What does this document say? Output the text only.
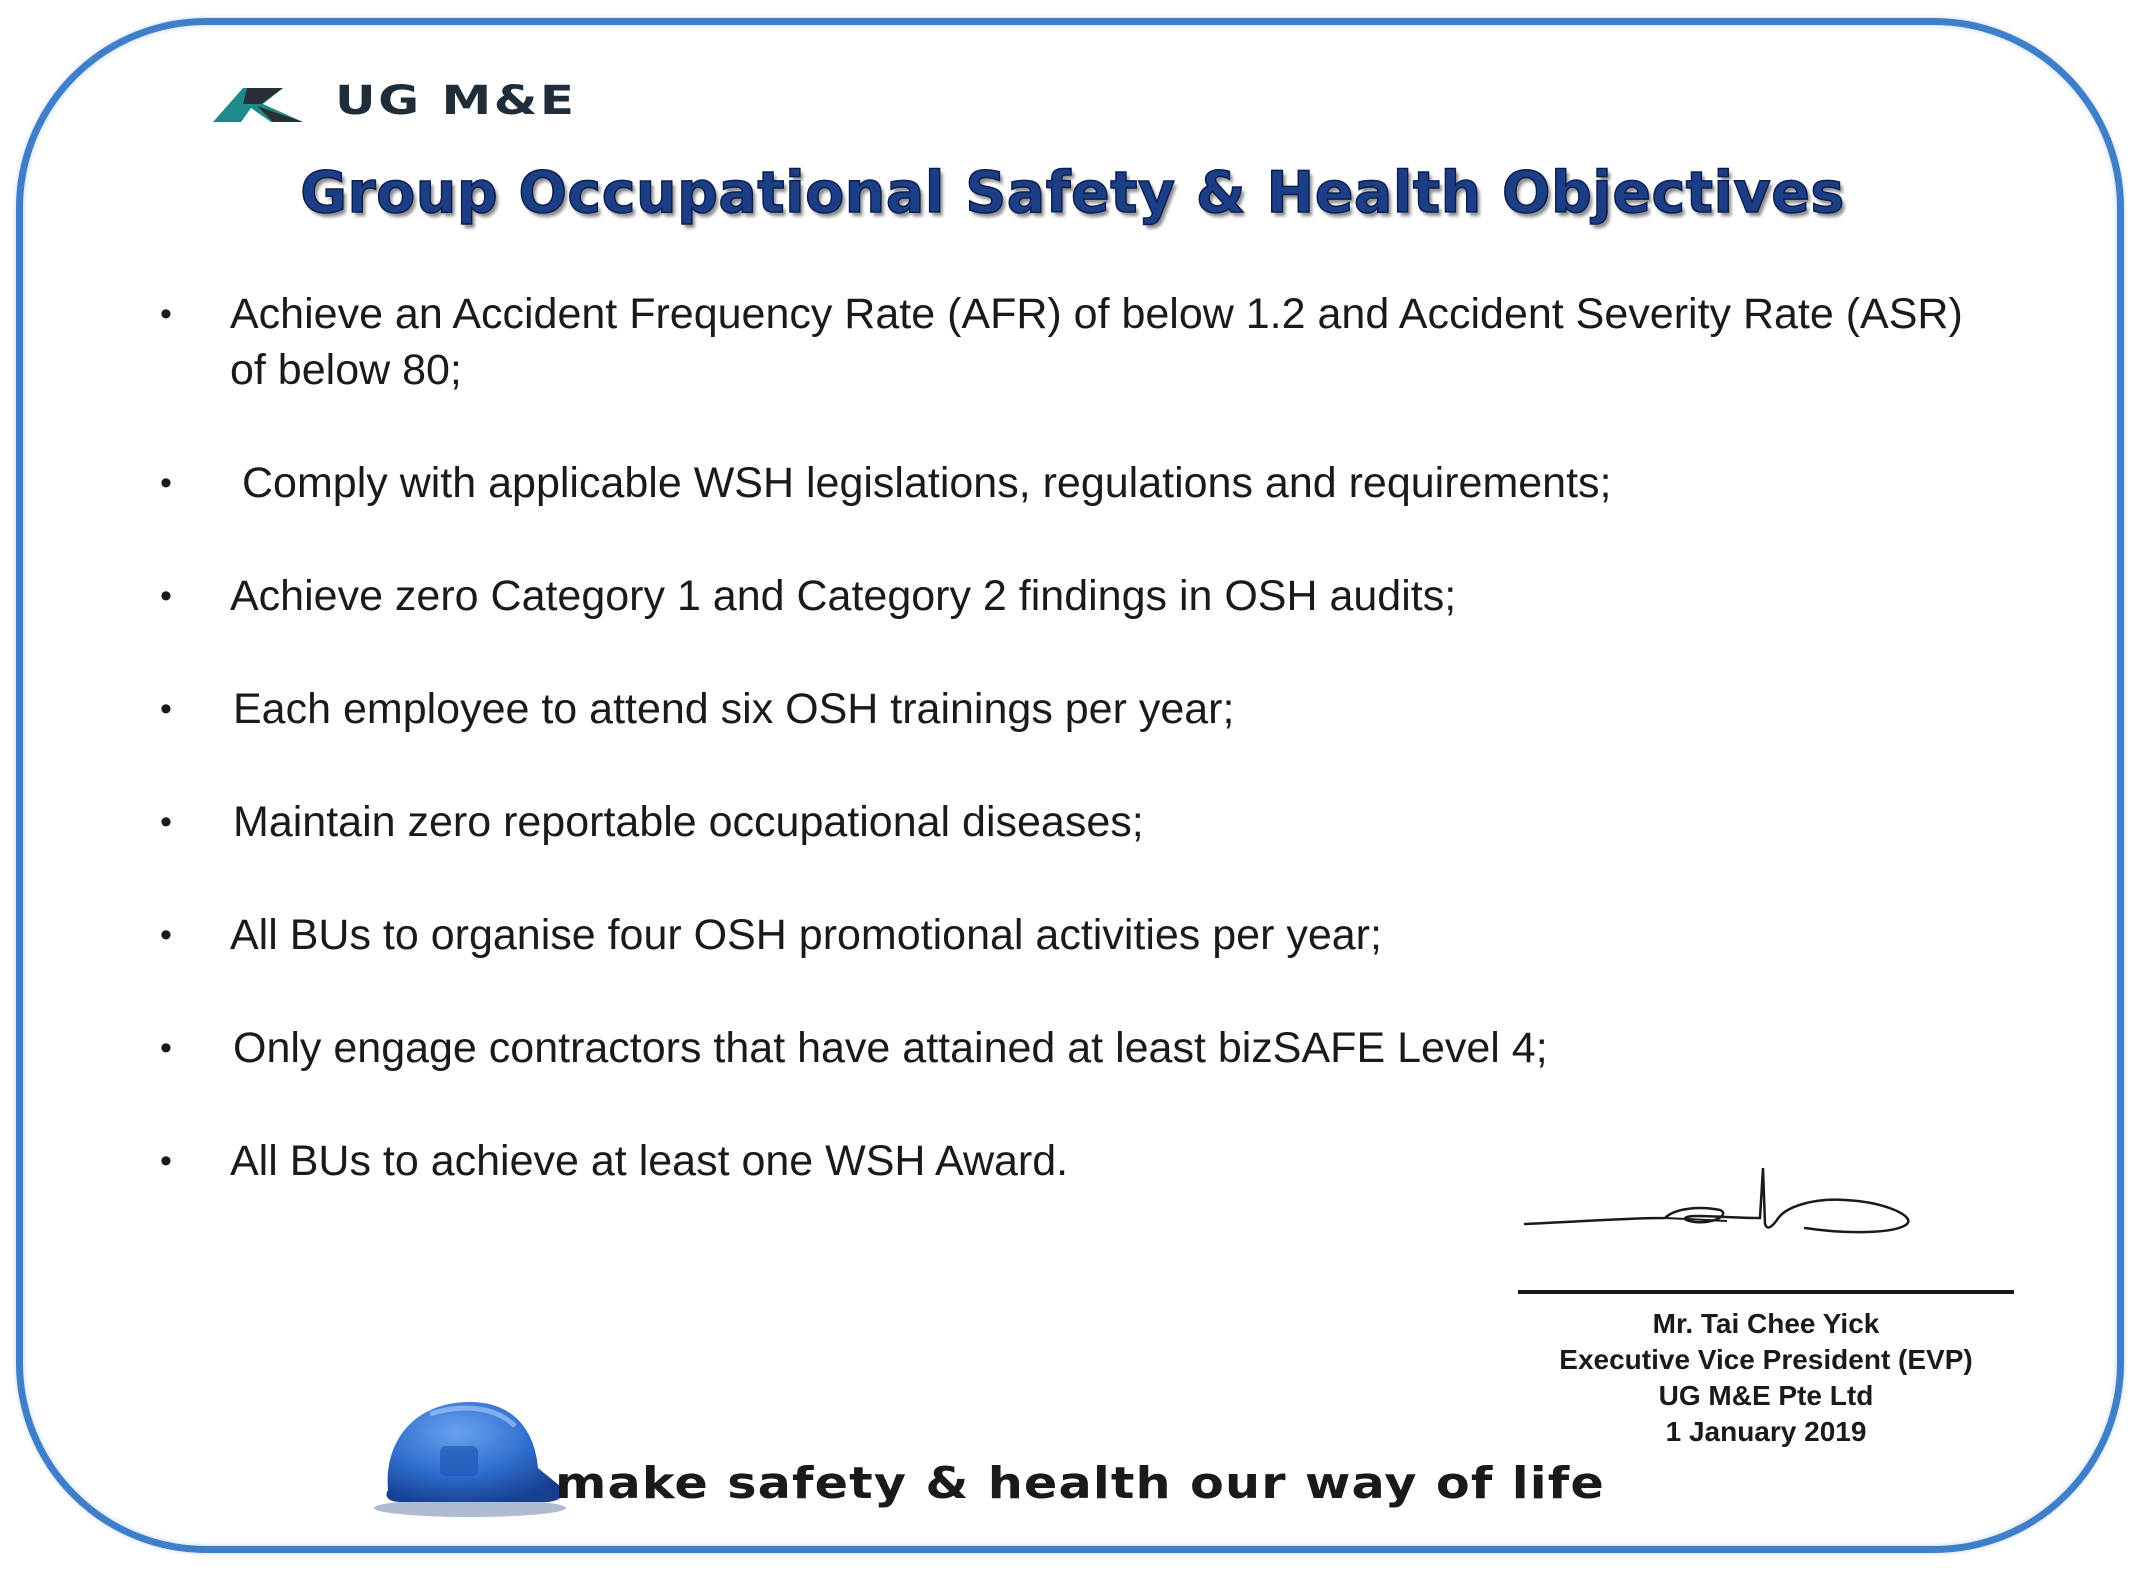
UG M&E
Group Occupational Safety & Health Objectives
• Achieve an Accident Frequency Rate (AFR) of below 1.2 and Accident Severity Rate (ASR) of below 80;
• Comply with applicable WSH legislations, regulations and requirements;
• Achieve zero Category 1 and Category 2 findings in OSH audits;
• Each employee to attend six OSH trainings per year;
• Maintain zero reportable occupational diseases;
• All BUs to organise four OSH promotional activities per year;
• Only engage contractors that have attained at least bizSAFE Level 4;
• All BUs to achieve at least one WSH Award.
Mr. Tai Chee Yick
Executive Vice President (EVP)
UG M&E Pte Ltd
1 January 2019
make safety & health our way of life
